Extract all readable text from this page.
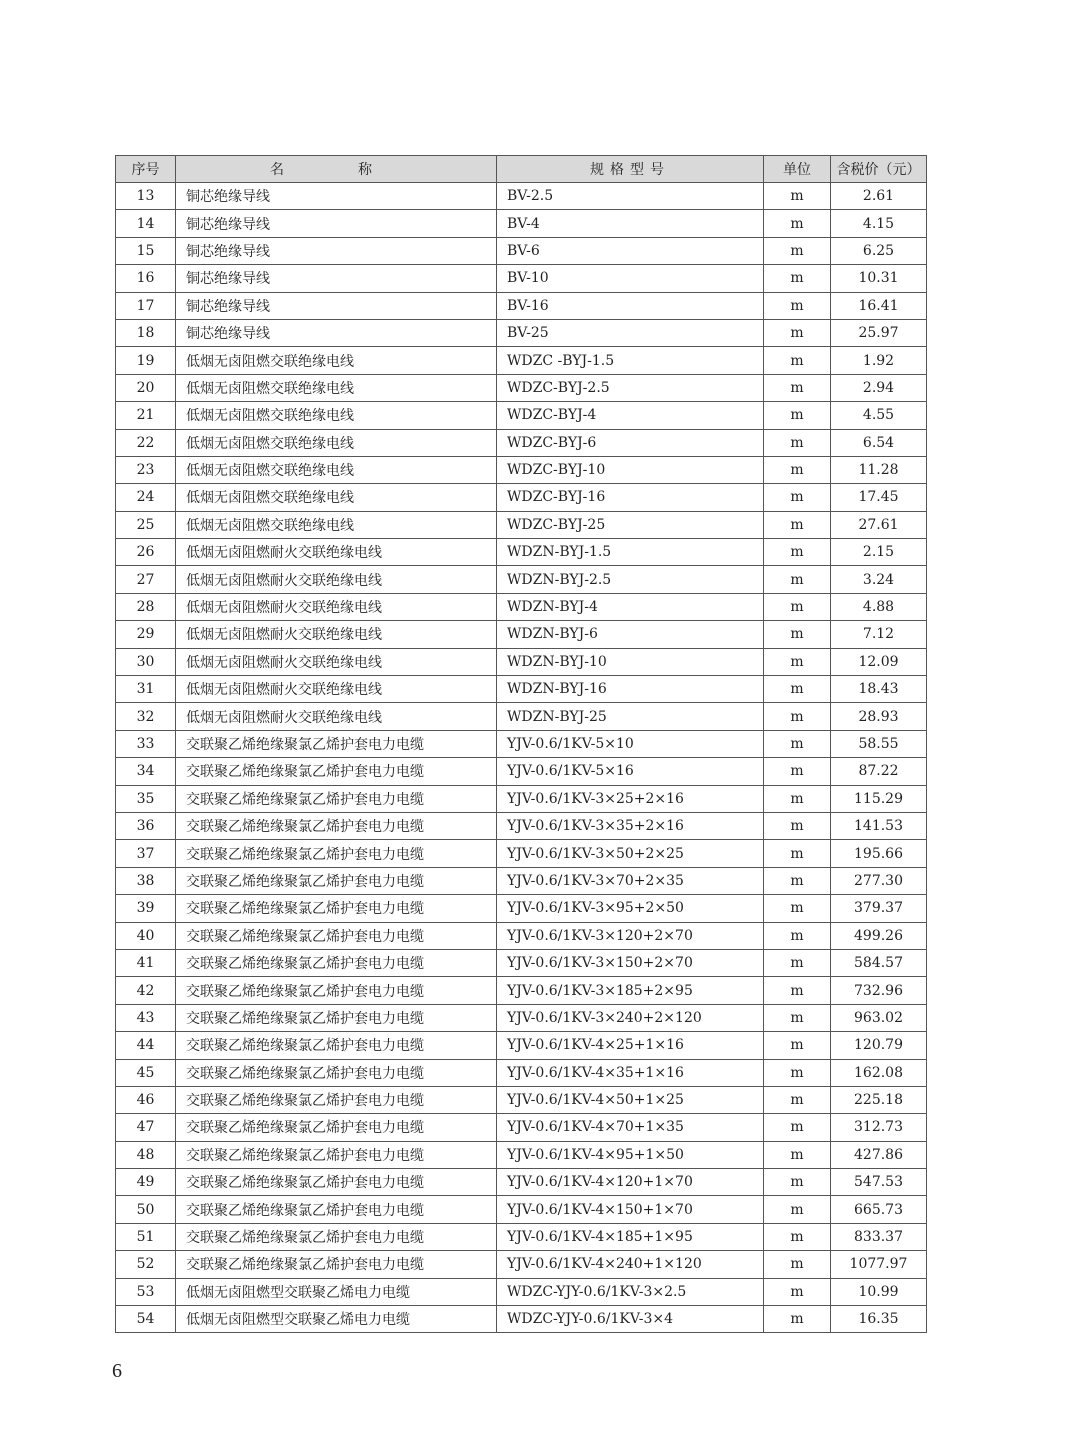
序号	名　称	规格型号	单位	含税价（元）
13	铜芯绝缘导线	BV-2.5	m	2.61
14	铜芯绝缘导线	BV-4	m	4.15
15	铜芯绝缘导线	BV-6	m	6.25
16	铜芯绝缘导线	BV-10	m	10.31
17	铜芯绝缘导线	BV-16	m	16.41
18	铜芯绝缘导线	BV-25	m	25.97
19	低烟无卤阻燃交联绝缘电线	WDZC -BYJ-1.5	m	1.92
20	低烟无卤阻燃交联绝缘电线	WDZC-BYJ-2.5	m	2.94
21	低烟无卤阻燃交联绝缘电线	WDZC-BYJ-4	m	4.55
22	低烟无卤阻燃交联绝缘电线	WDZC-BYJ-6	m	6.54
23	低烟无卤阻燃交联绝缘电线	WDZC-BYJ-10	m	11.28
24	低烟无卤阻燃交联绝缘电线	WDZC-BYJ-16	m	17.45
25	低烟无卤阻燃交联绝缘电线	WDZC-BYJ-25	m	27.61
26	低烟无卤阻燃耐火交联绝缘电线	WDZN-BYJ-1.5	m	2.15
27	低烟无卤阻燃耐火交联绝缘电线	WDZN-BYJ-2.5	m	3.24
28	低烟无卤阻燃耐火交联绝缘电线	WDZN-BYJ-4	m	4.88
29	低烟无卤阻燃耐火交联绝缘电线	WDZN-BYJ-6	m	7.12
30	低烟无卤阻燃耐火交联绝缘电线	WDZN-BYJ-10	m	12.09
31	低烟无卤阻燃耐火交联绝缘电线	WDZN-BYJ-16	m	18.43
32	低烟无卤阻燃耐火交联绝缘电线	WDZN-BYJ-25	m	28.93
33	交联聚乙烯绝缘聚氯乙烯护套电力电缆	YJV-0.6/1KV-5×10	m	58.55
34	交联聚乙烯绝缘聚氯乙烯护套电力电缆	YJV-0.6/1KV-5×16	m	87.22
35	交联聚乙烯绝缘聚氯乙烯护套电力电缆	YJV-0.6/1KV-3×25+2×16	m	115.29
36	交联聚乙烯绝缘聚氯乙烯护套电力电缆	YJV-0.6/1KV-3×35+2×16	m	141.53
37	交联聚乙烯绝缘聚氯乙烯护套电力电缆	YJV-0.6/1KV-3×50+2×25	m	195.66
38	交联聚乙烯绝缘聚氯乙烯护套电力电缆	YJV-0.6/1KV-3×70+2×35	m	277.30
39	交联聚乙烯绝缘聚氯乙烯护套电力电缆	YJV-0.6/1KV-3×95+2×50	m	379.37
40	交联聚乙烯绝缘聚氯乙烯护套电力电缆	YJV-0.6/1KV-3×120+2×70	m	499.26
41	交联聚乙烯绝缘聚氯乙烯护套电力电缆	YJV-0.6/1KV-3×150+2×70	m	584.57
42	交联聚乙烯绝缘聚氯乙烯护套电力电缆	YJV-0.6/1KV-3×185+2×95	m	732.96
43	交联聚乙烯绝缘聚氯乙烯护套电力电缆	YJV-0.6/1KV-3×240+2×120	m	963.02
44	交联聚乙烯绝缘聚氯乙烯护套电力电缆	YJV-0.6/1KV-4×25+1×16	m	120.79
45	交联聚乙烯绝缘聚氯乙烯护套电力电缆	YJV-0.6/1KV-4×35+1×16	m	162.08
46	交联聚乙烯绝缘聚氯乙烯护套电力电缆	YJV-0.6/1KV-4×50+1×25	m	225.18
47	交联聚乙烯绝缘聚氯乙烯护套电力电缆	YJV-0.6/1KV-4×70+1×35	m	312.73
48	交联聚乙烯绝缘聚氯乙烯护套电力电缆	YJV-0.6/1KV-4×95+1×50	m	427.86
49	交联聚乙烯绝缘聚氯乙烯护套电力电缆	YJV-0.6/1KV-4×120+1×70	m	547.53
50	交联聚乙烯绝缘聚氯乙烯护套电力电缆	YJV-0.6/1KV-4×150+1×70	m	665.73
51	交联聚乙烯绝缘聚氯乙烯护套电力电缆	YJV-0.6/1KV-4×185+1×95	m	833.37
52	交联聚乙烯绝缘聚氯乙烯护套电力电缆	YJV-0.6/1KV-4×240+1×120	m	1077.97
53	低烟无卤阻燃型交联聚乙烯电力电缆	WDZC-YJY-0.6/1KV-3×2.5	m	10.99
54	低烟无卤阻燃型交联聚乙烯电力电缆	WDZC-YJY-0.6/1KV-3×4	m	16.35
6
